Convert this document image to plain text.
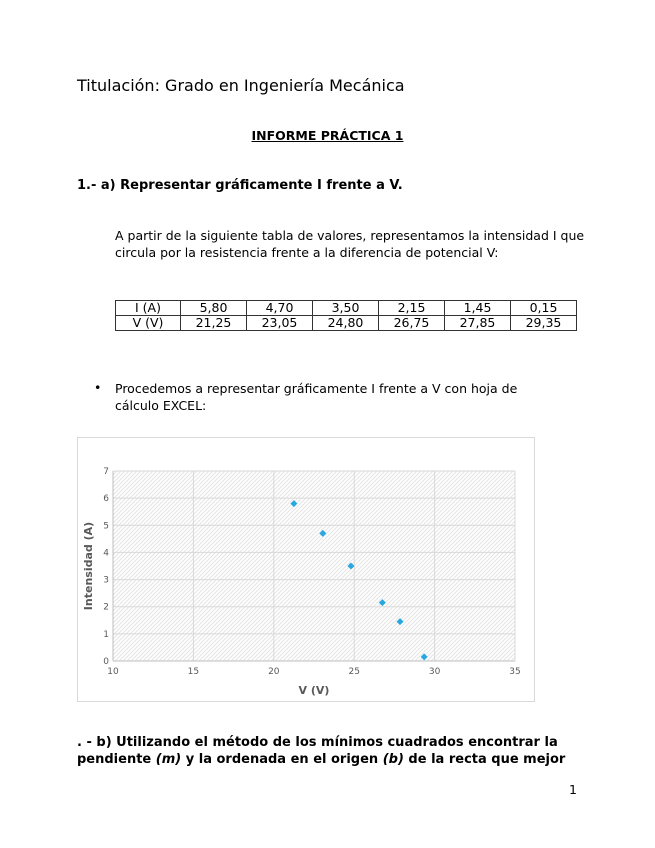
Titulación: Grado en Ingeniería Mecánica
INFORME PRÁCTICA 1
1.- a) Representar gráficamente I frente a V.
A partir de la siguiente tabla de valores, representamos la intensidad I que circula por la resistencia frente a la diferencia de potencial V:
I (A)	5,80	4,70	3,50	2,15	1,45	0,15
V (V)	21,25	23,05	24,80	26,75	27,85	29,35
• Procedemos a representar gráficamente I frente a V con hoja de cálculo EXCEL:
0
1
2
3
4
5
6
7
10	15	20	25	30	35
V (V)
Intensidad (A)
. - b) Utilizando el método de los mínimos cuadrados encontrar la pendiente (m) y la ordenada en el origen (b) de la recta que mejor
1
